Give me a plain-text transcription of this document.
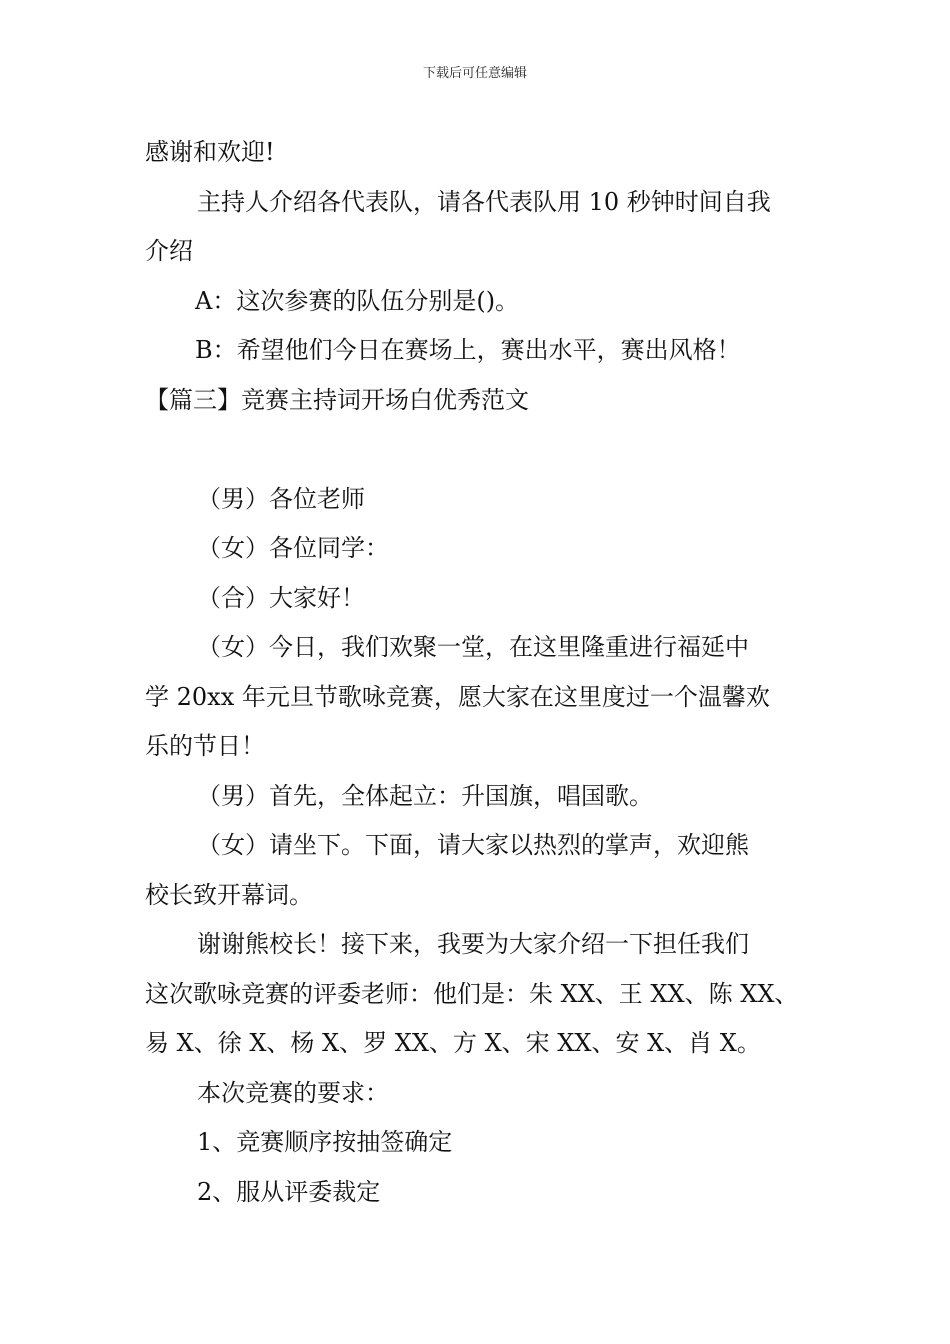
下载后可任意编辑

感谢和欢迎!

主持人介绍各代表队，请各代表队用 10 秒钟时间自我

介绍

A：这次参赛的队伍分别是()。

B：希望他们今日在赛场上，赛出水平，赛出风格！

【篇三】竞赛主持词开场白优秀范文

（男）各位老师

（女）各位同学：

（合）大家好！

（女）今日，我们欢聚一堂，在这里隆重进行福延中

学 20xx 年元旦节歌咏竞赛，愿大家在这里度过一个温馨欢

乐的节日！

（男）首先，全体起立：升国旗，唱国歌。

（女）请坐下。下面，请大家以热烈的掌声，欢迎熊

校长致开幕词。

谢谢熊校长！接下来，我要为大家介绍一下担任我们

这次歌咏竞赛的评委老师：他们是：朱 XX、王 XX、陈 XX、

易 X、徐 X、杨 X、罗 XX、方 X、宋 XX、安 X、肖 X。

本次竞赛的要求：

1、竞赛顺序按抽签确定

2、服从评委裁定
